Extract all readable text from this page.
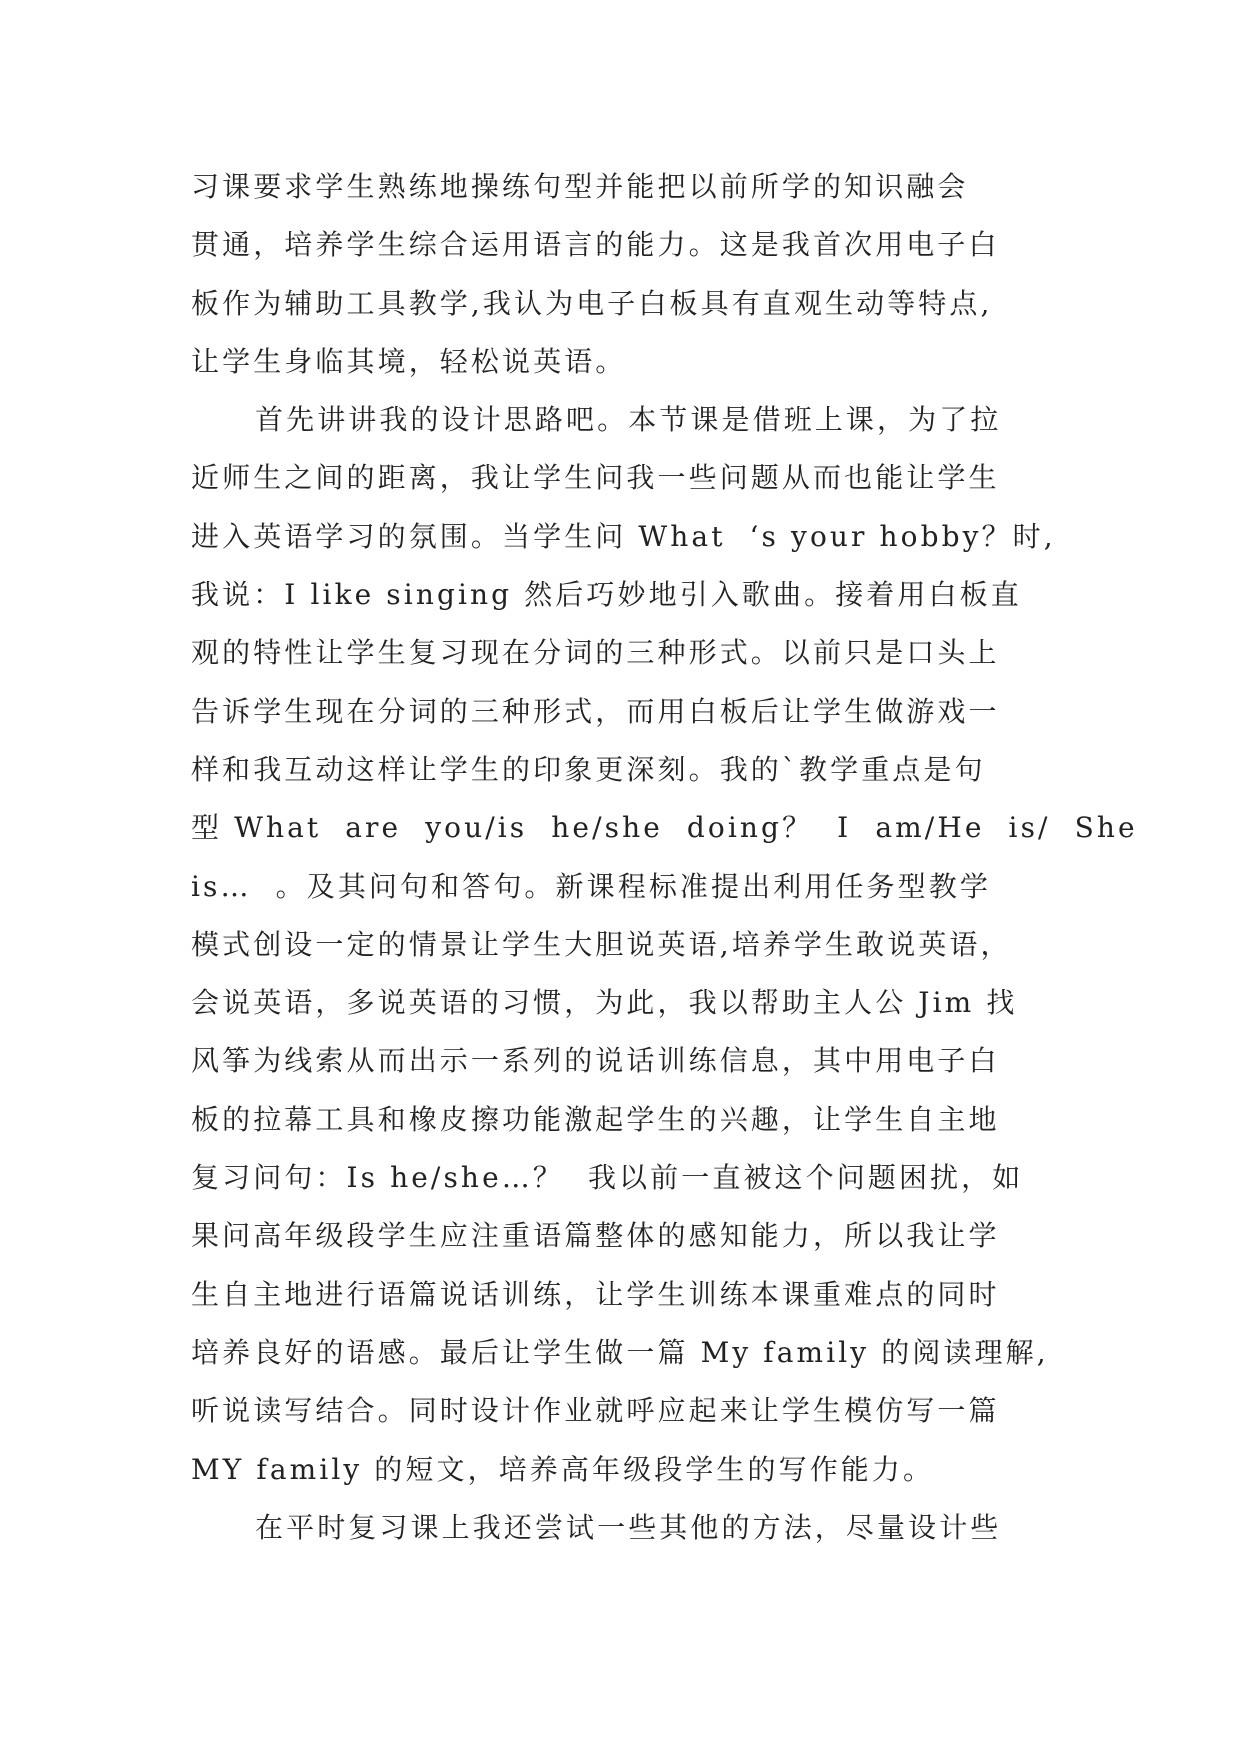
习课要求学生熟练地操练句型并能把以前所学的知识融会
贯通，培养学生综合运用语言的能力。这是我首次用电子白
板作为辅助工具教学,我认为电子白板具有直观生动等特点,
让学生身临其境，轻松说英语。
首先讲讲我的设计思路吧。本节课是借班上课，为了拉
近师生之间的距离，我让学生问我一些问题从而也能让学生
进入英语学习的氛围。当学生问 What  ‘s your hobby？时,
我说：I like singing 然后巧妙地引入歌曲。接着用白板直
观的特性让学生复习现在分词的三种形式。以前只是口头上
告诉学生现在分词的三种形式，而用白板后让学生做游戏一
样和我互动这样让学生的印象更深刻。我的`教学重点是句
型 What  are  you/is  he/she  doing？  I  am/He  is/  She
is…  。及其问句和答句。新课程标准提出利用任务型教学
模式创设一定的情景让学生大胆说英语,培养学生敢说英语，
会说英语，多说英语的习惯，为此，我以帮助主人公 Jim 找
风筝为线索从而出示一系列的说话训练信息，其中用电子白
板的拉幕工具和橡皮擦功能激起学生的兴趣，让学生自主地
复习问句：Is he/she…？  我以前一直被这个问题困扰，如
果问高年级段学生应注重语篇整体的感知能力，所以我让学
生自主地进行语篇说话训练，让学生训练本课重难点的同时
培养良好的语感。最后让学生做一篇 My family 的阅读理解,
听说读写结合。同时设计作业就呼应起来让学生模仿写一篇
MY family 的短文，培养高年级段学生的写作能力。
在平时复习课上我还尝试一些其他的方法，尽量设计些
